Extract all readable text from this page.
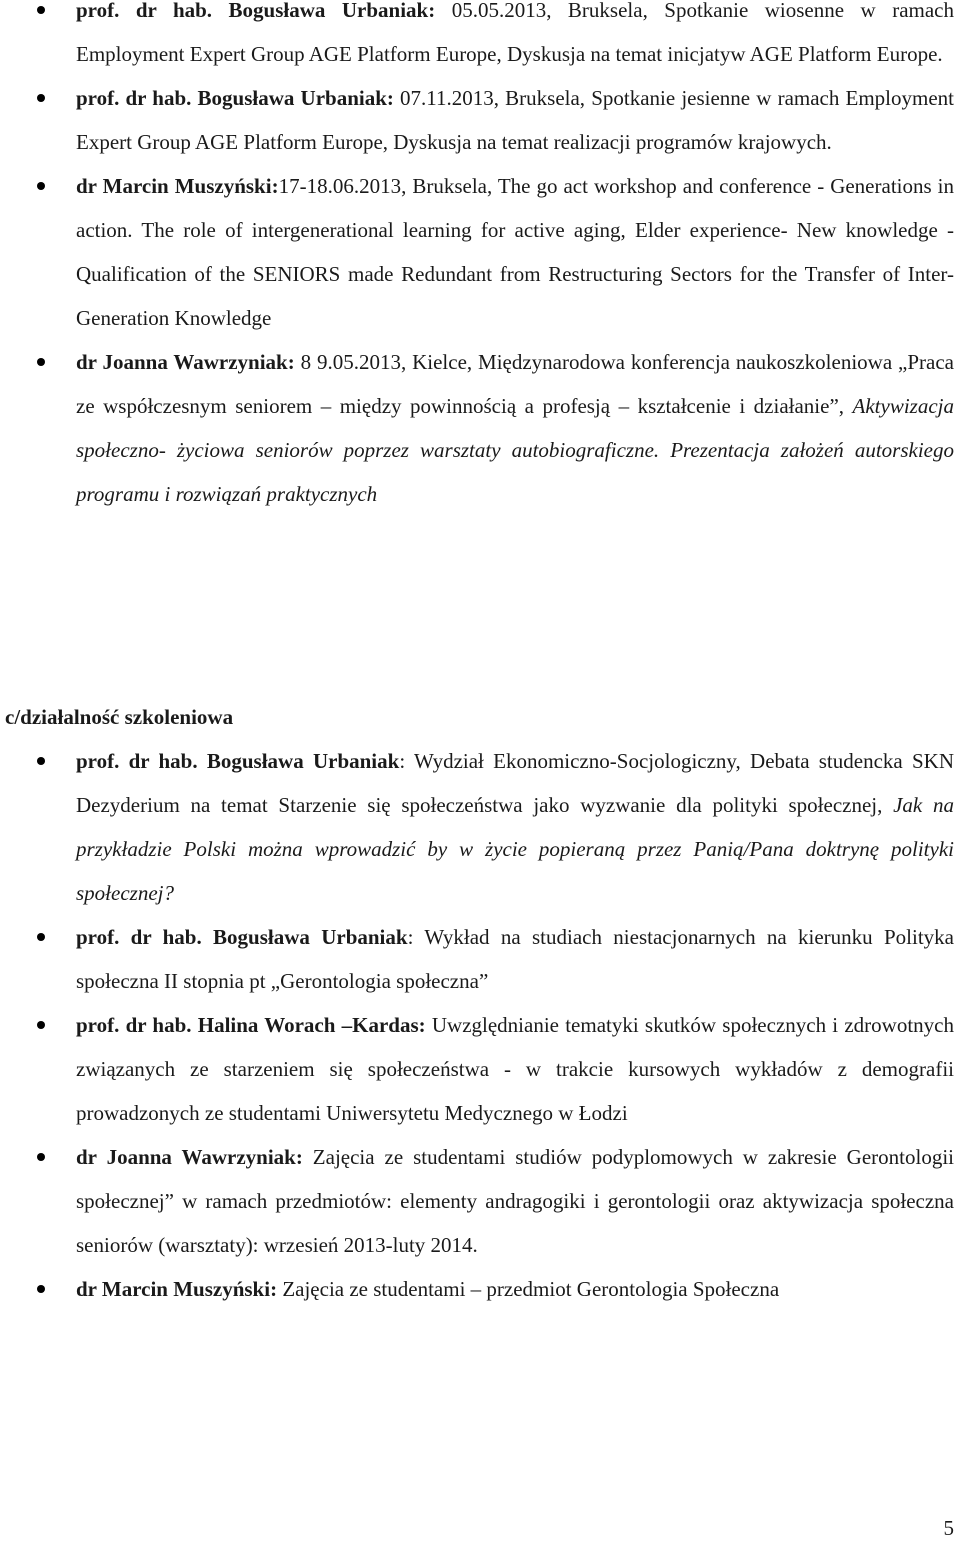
prof. dr hab. Bogusława Urbaniak: 05.05.2013, Bruksela, Spotkanie wiosenne w ramach Employment Expert Group AGE Platform Europe, Dyskusja na temat inicjatyw AGE Platform Europe.
prof. dr hab. Bogusława Urbaniak: 07.11.2013, Bruksela, Spotkanie jesienne w ramach Employment Expert Group AGE Platform Europe, Dyskusja na temat realizacji programów krajowych.
dr Marcin Muszyński:17-18.06.2013, Bruksela, The go act workshop and conference - Generations in action. The role of intergenerational learning for active aging, Elder experience- New knowledge - Qualification of the SENIORS made Redundant from Restructuring Sectors for the Transfer of Inter-Generation Knowledge
dr Joanna Wawrzyniak: 8 9.05.2013, Kielce, Międzynarodowa konferencja naukoszkoleniowa „Praca ze współczesnym seniorem – między powinnością a profesją – kształcenie i działanie”, Aktywizacja społeczno- życiowa seniorów poprzez warsztaty autobiograficzne. Prezentacja założeń autorskiego programu i rozwiązań praktycznych
c/działalność szkoleniowa
prof. dr hab. Bogusława Urbaniak: Wydział Ekonomiczno-Socjologiczny, Debata studencka SKN Dezyderium na temat Starzenie się społeczeństwa jako wyzwanie dla polityki społecznej, Jak na przykładzie Polski można wprowadzić by w życie popieraną przez Panią/Pana doktrynę polityki społecznej?
prof. dr hab. Bogusława Urbaniak: Wykład na studiach niestacjonarnych na kierunku Polityka społeczna II stopnia pt „Gerontologia społeczna”
prof. dr hab. Halina Worach –Kardas: Uwzględnianie tematyki skutków społecznych i zdrowotnych związanych ze starzeniem się społeczeństwa - w trakcie kursowych wykładów z demografii prowadzonych ze studentami Uniwersytetu Medycznego w Łodzi
dr Joanna Wawrzyniak: Zajęcia ze studentami studiów podyplomowych w zakresie Gerontologii społecznej” w ramach przedmiotów: elementy andragogiki i gerontologii oraz aktywizacja społeczna seniorów (warsztaty): wrzesień 2013-luty 2014.
dr Marcin Muszyński: Zajęcia ze studentami – przedmiot Gerontologia Społeczna
5
